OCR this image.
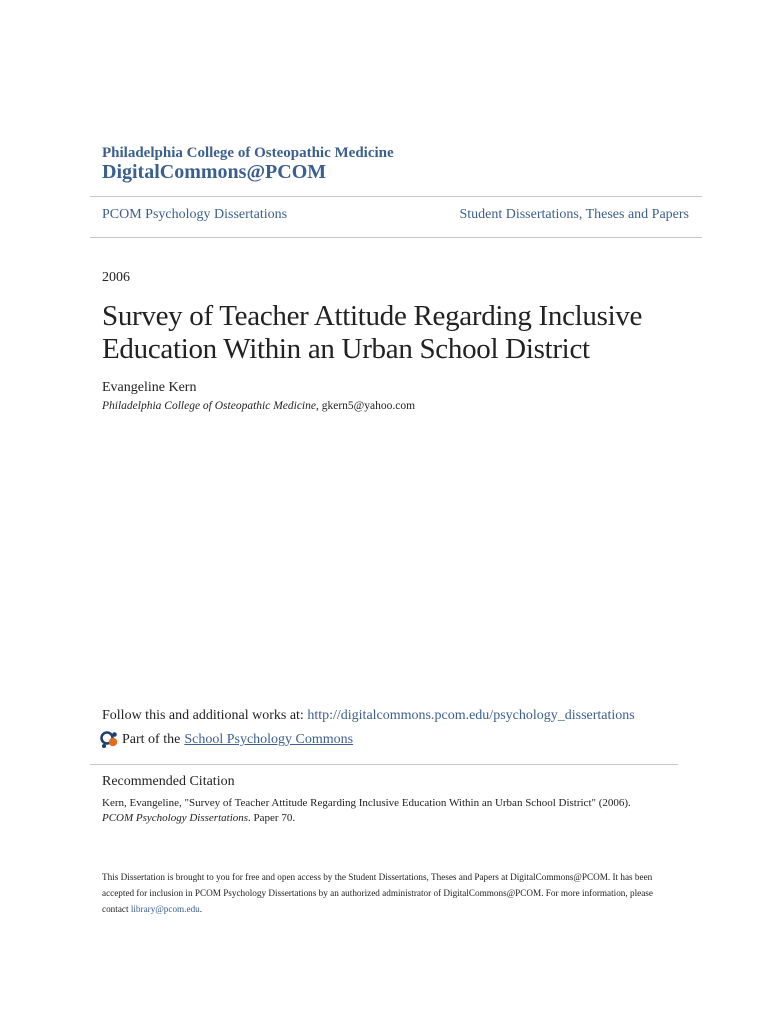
Philadelphia College of Osteopathic Medicine
DigitalCommons@PCOM
PCOM Psychology Dissertations	Student Dissertations, Theses and Papers
2006
Survey of Teacher Attitude Regarding Inclusive
Education Within an Urban School District
Evangeline Kern
Philadelphia College of Osteopathic Medicine, gkern5@yahoo.com
Follow this and additional works at: http://digitalcommons.pcom.edu/psychology_dissertations
Part of the School Psychology Commons
Recommended Citation
Kern, Evangeline, "Survey of Teacher Attitude Regarding Inclusive Education Within an Urban School District" (2006). PCOM Psychology Dissertations. Paper 70.
This Dissertation is brought to you for free and open access by the Student Dissertations, Theses and Papers at DigitalCommons@PCOM. It has been accepted for inclusion in PCOM Psychology Dissertations by an authorized administrator of DigitalCommons@PCOM. For more information, please contact library@pcom.edu.
